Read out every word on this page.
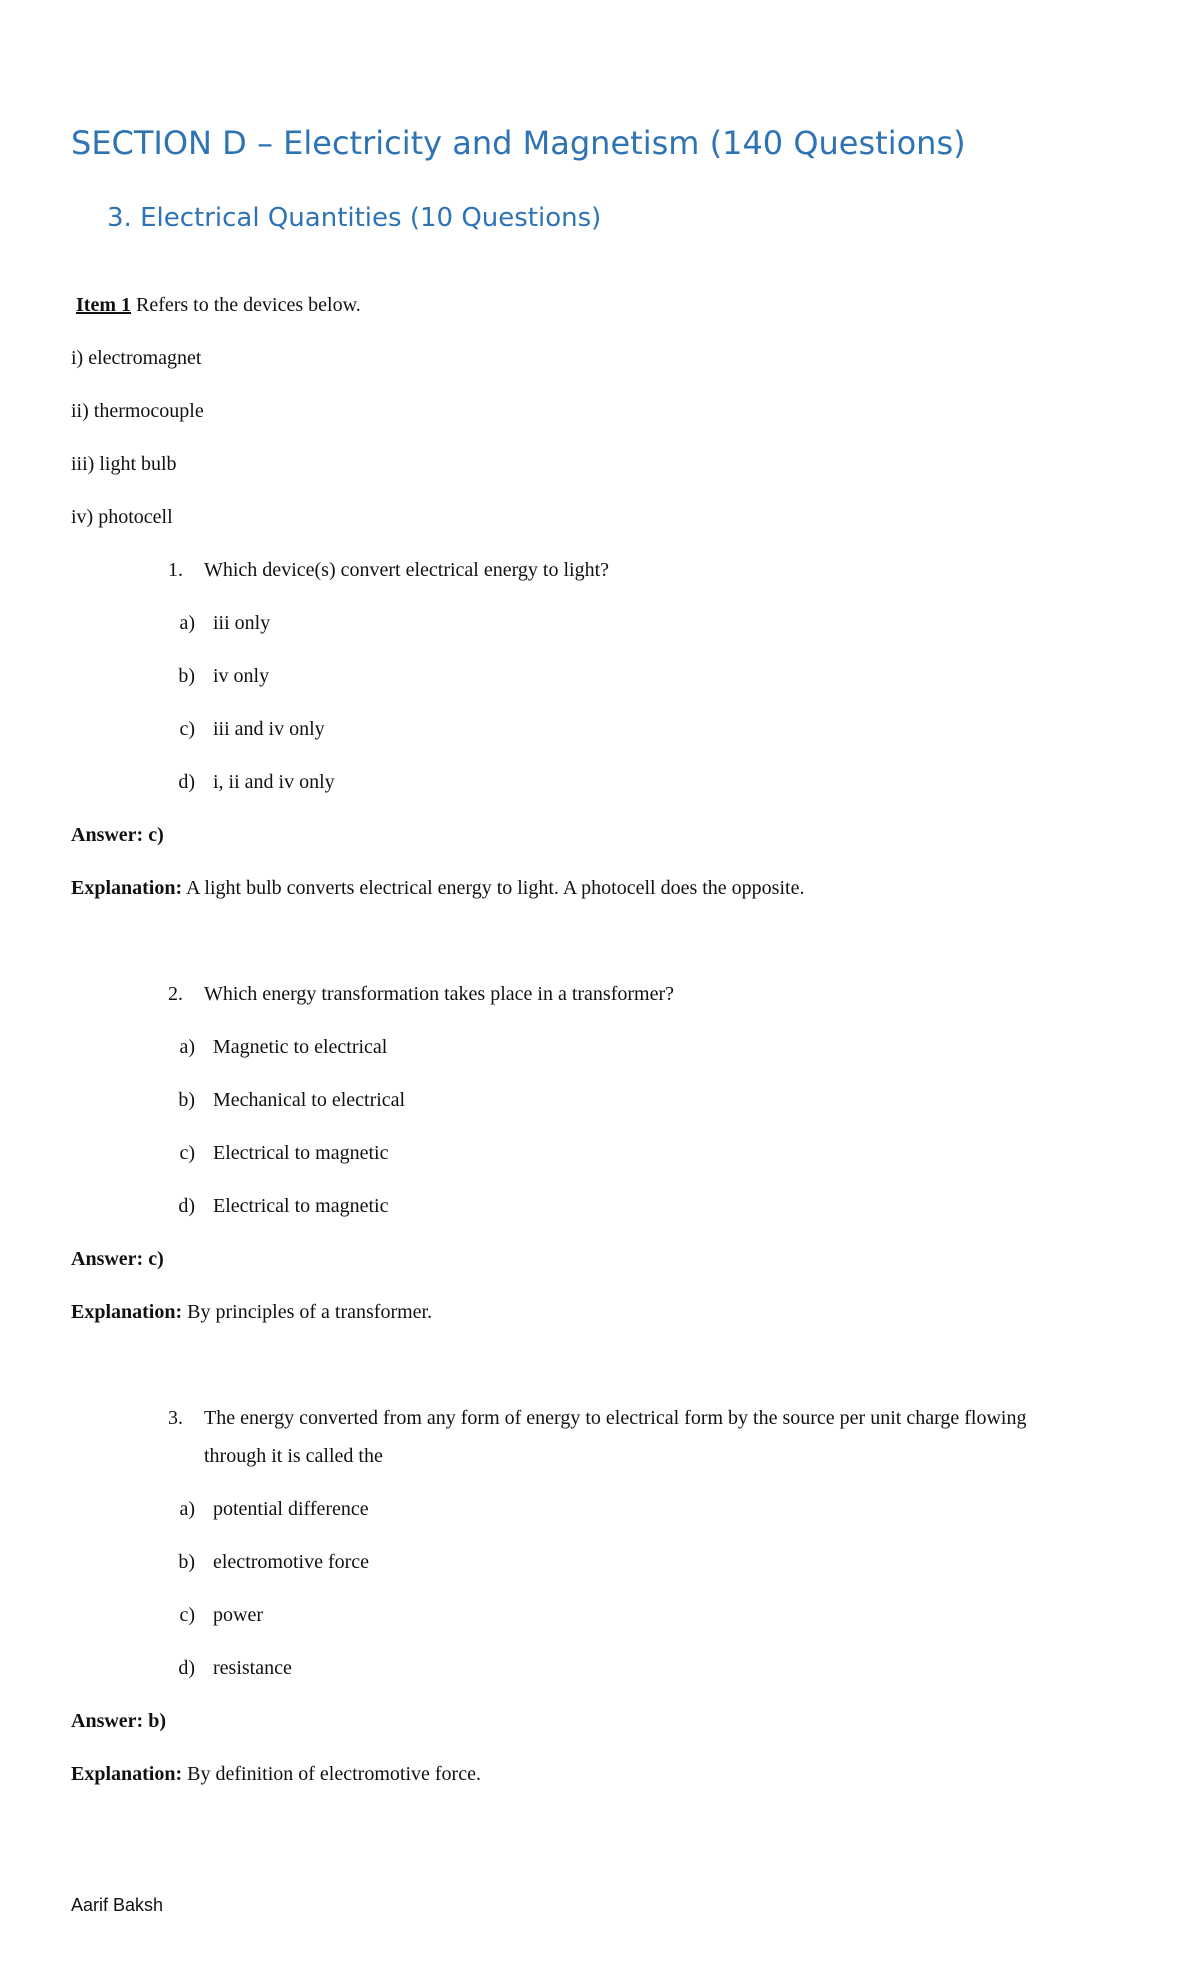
SECTION D – Electricity and Magnetism (140 Questions)
3. Electrical Quantities (10 Questions)
Item 1 Refers to the devices below.
i) electromagnet
ii) thermocouple
iii) light bulb
iv) photocell
1. Which device(s) convert electrical energy to light?
a) iii only
b) iv only
c) iii and iv only
d) i, ii and iv only
Answer: c)
Explanation: A light bulb converts electrical energy to light. A photocell does the opposite.
2. Which energy transformation takes place in a transformer?
a) Magnetic to electrical
b) Mechanical to electrical
c) Electrical to magnetic
d) Electrical to magnetic
Answer: c)
Explanation: By principles of a transformer.
3. The energy converted from any form of energy to electrical form by the source per unit charge flowing
through it is called the
a) potential difference
b) electromotive force
c) power
d) resistance
Answer: b)
Explanation: By definition of electromotive force.
Aarif Baksh
